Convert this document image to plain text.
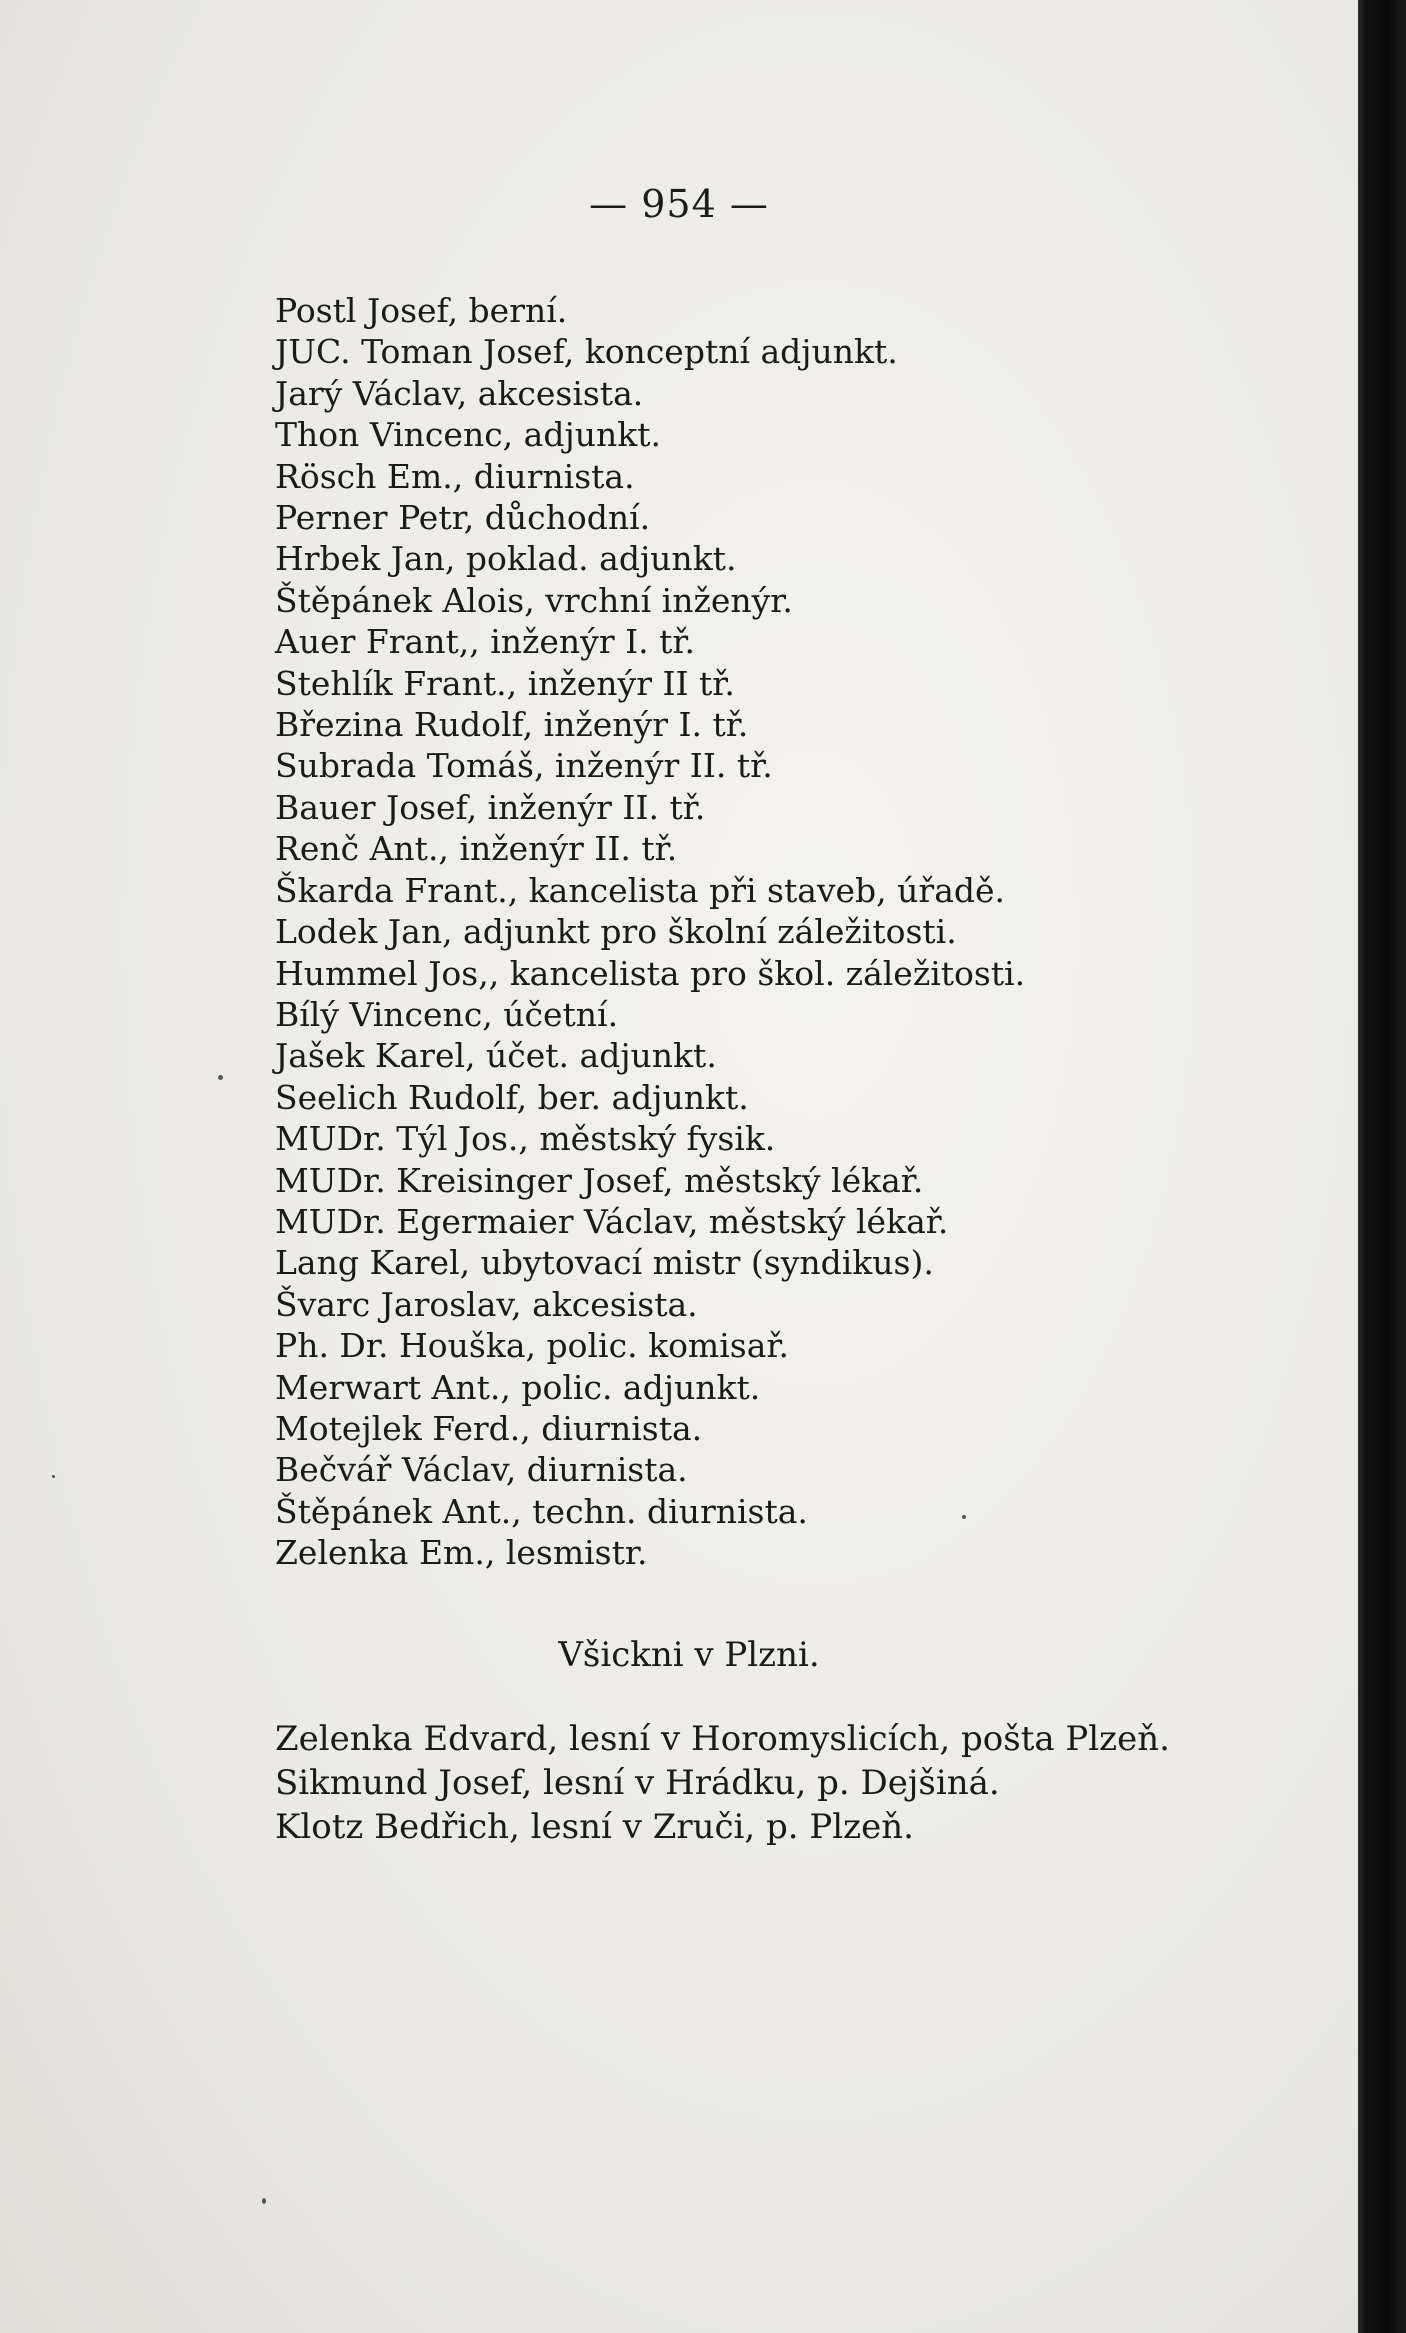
— 954 —
Postl Josef, berní.
JUC. Toman Josef, konceptní adjunkt.
Jarý Václav, akcesista.
Thon Vincenc, adjunkt.
Rösch Em., diurnista.
Perner Petr, důchodní.
Hrbek Jan, poklad. adjunkt.
Štěpánek Alois, vrchní inženýr.
Auer Frant,, inženýr I. tř.
Stehlík Frant., inženýr II tř.
Březina Rudolf, inženýr I. tř.
Subrada Tomáš, inženýr II. tř.
Bauer Josef, inženýr II. tř.
Renč Ant., inženýr II. tř.
Škarda Frant., kancelista při staveb, úřadě.
Lodek Jan, adjunkt pro školní záležitosti.
Hummel Jos,, kancelista pro škol. záležitosti.
Bílý Vincenc, účetní.
Jašek Karel, účet. adjunkt.
Seelich Rudolf, ber. adjunkt.
MUDr. Týl Jos., městský fysik.
MUDr. Kreisinger Josef, městský lékař.
MUDr. Egermaier Václav, městský lékař.
Lang Karel, ubytovací mistr (syndikus).
Švarc Jaroslav, akcesista.
Ph. Dr. Houška, polic. komisař.
Merwart Ant., polic. adjunkt.
Motejlek Ferd., diurnista.
Bečvář Václav, diurnista.
Štěpánek Ant., techn. diurnista.
Zelenka Em., lesmistr.
Všickni v Plzni.
Zelenka Edvard, lesní v Horomyslicích, pošta Plzeň.
Sikmund Josef, lesní v Hrádku, p. Dejšiná.
Klotz Bedřich, lesní v Zruči, p. Plzeň.
